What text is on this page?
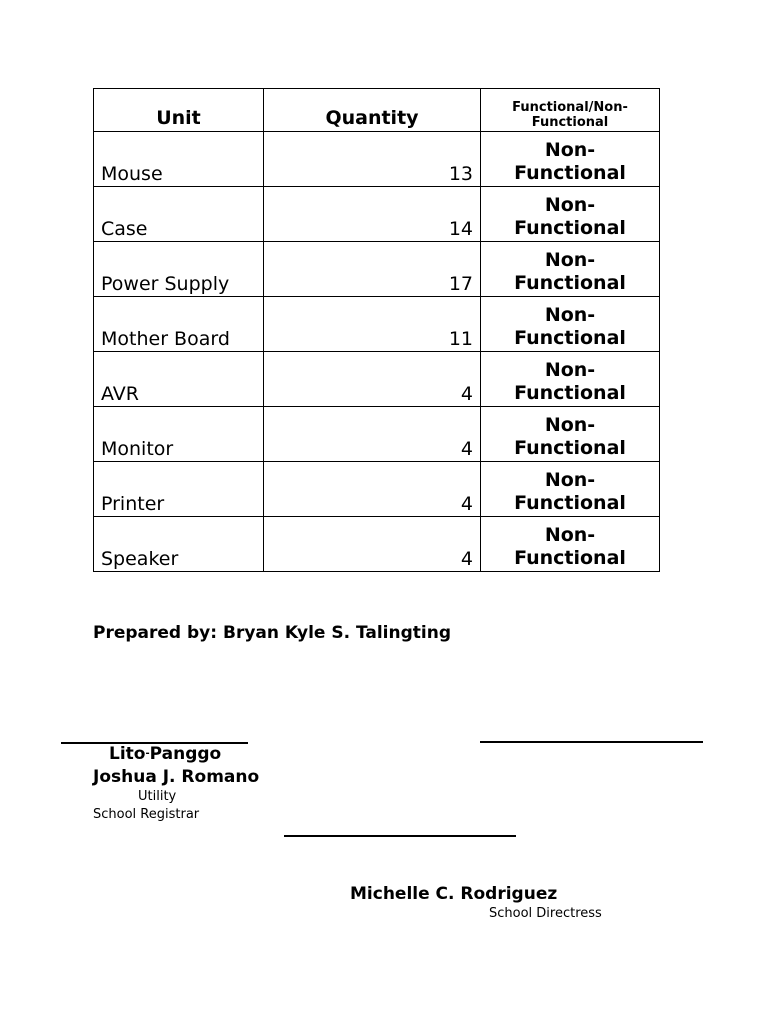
Unit	Quantity	Functional/Non-
Functional

Mouse	13	Non-
Functional

Case	14	Non-
Functional

Power Supply	17	Non-
Functional

Mother Board	11	Non-
Functional

AVR	4	Non-
Functional

Monitor	4	Non-
Functional

Printer	4	Non-
Functional

Speaker	4	Non-
Functional
Prepared by: Bryan Kyle S. Talingting
Lito-Panggo
Joshua J. Romano
Utility
School Registrar
Michelle C. Rodriguez
School Directress
